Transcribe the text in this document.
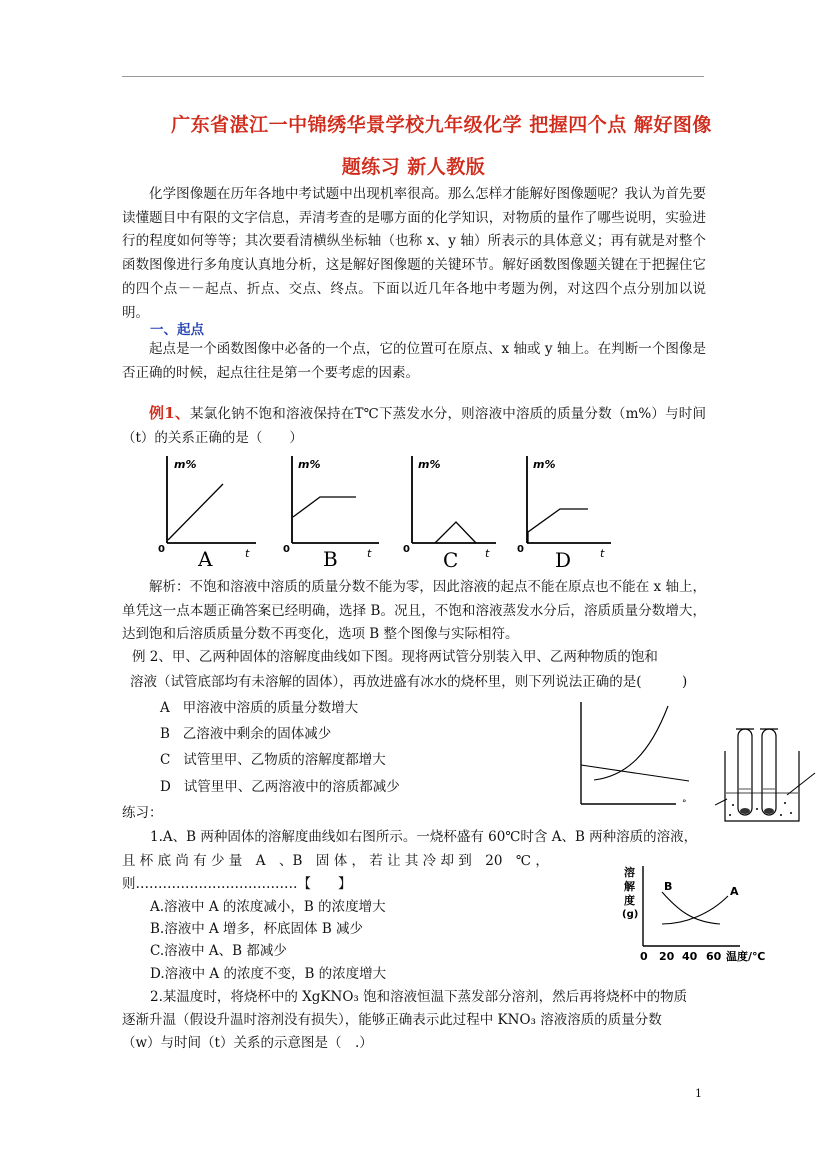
广东省湛江一中锦绣华景学校九年级化学 把握四个点 解好图像
题练习 新人教版
化学图像题在历年各地中考试题中出现机率很高。那么怎样才能解好图像题呢？我认为首先要读懂题目中有限的文字信息，弄清考查的是哪方面的化学知识，对物质的量作了哪些说明，实验进行的程度如何等等；其次要看清横纵坐标轴（也称 x、y 轴）所表示的具体意义；再有就是对整个函数图像进行多角度认真地分析，这是解好图像题的关键环节。解好函数图像题关键在于把握住它的四个点－－起点、折点、交点、终点。下面以近几年各地中考题为例，对这四个点分别加以说明。
一、起点
起点是一个函数图像中必备的一个点，它的位置可在原点、x 轴或 y 轴上。在判断一个图像是否正确的时候，起点往往是第一个要考虑的因素。
例1、某氯化钠不饱和溶液保持在T℃下蒸发水分，则溶液中溶质的质量分数（m%）与时间（t）的关系正确的是（　　）
m%
0	t
A
m%
0	t
B
m%
0	t
C
m%
0	t
D
解析：不饱和溶液中溶质的质量分数不能为零，因此溶液的起点不能在原点也不能在 x 轴上，单凭这一点本题正确答案已经明确，选择 B。况且，不饱和溶液蒸发水分后，溶质质量分数增大，达到饱和后溶质质量分数不再变化，选项 B 整个图像与实际相符。
例 2、甲、乙两种固体的溶解度曲线如下图。现将两试管分别装入甲、乙两种物质的饱和
溶液（试管底部均有未溶解的固体），再放进盛有冰水的烧杯里，则下列说法正确的是(　　　)
A 甲溶液中溶质的质量分数增大
B 乙溶液中剩余的固体减少
C 试管里甲、乙物质的溶解度都增大
D 试管里甲、乙两溶液中的溶质都减少
°
练习：
1.A、B 两种固体的溶解度曲线如右图所示。一烧杯盛有 60℃时含 A、B 两种溶质的溶液，
且 杯 底 尚 有 少 量　A　、B　固 体 ， 若 让 其 冷 却 到　20　℃ ，
则………………………………【　　】
A.溶液中 A 的浓度减小，B 的浓度增大
B.溶液中 A 增多，杯底固体 B 减少
C.溶液中 A、B 都减少
D.溶液中 A 的浓度不变，B 的浓度增大
溶
解
度
(g)
B	A
0 20 40 60 温度/℃
2.某温度时，将烧杯中的 XgKNO₃ 饱和溶液恒温下蒸发部分溶剂，然后再将烧杯中的物质
逐渐升温（假设升温时溶剂没有损失），能够正确表示此过程中 KNO₃ 溶液溶质的质量分数
（w）与时间（t）关系的示意图是（　.）
1
